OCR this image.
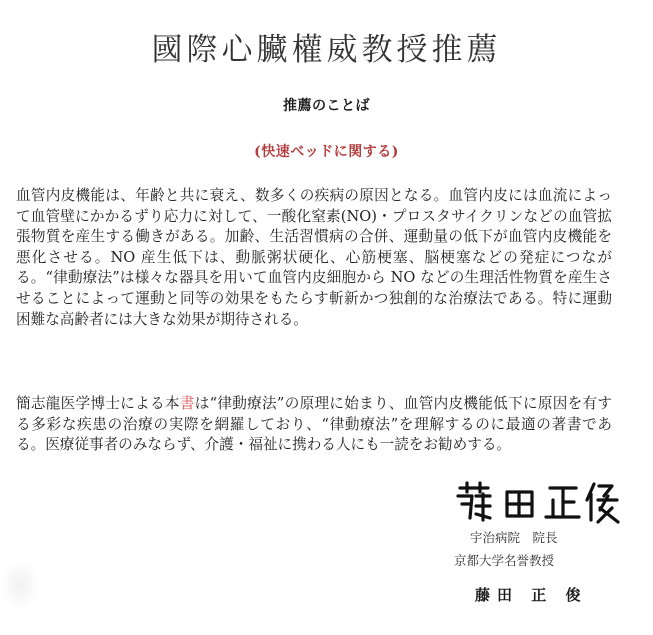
國際心臟權威教授推薦
推薦のことば
(快速ベッドに関する)

血管内皮機能は、年齢と共に衰え、数多くの疾病の原因となる。血管内皮には血流によって血管壁にかかるずり応力に対して、一酸化窒素(NO)・プロスタサイクリンなどの血管拡張物質を産生する働きがある。加齢、生活習慣病の合併、運動量の低下が血管内皮機能を悪化させる。NO 産生低下は、動脈粥状硬化、心筋梗塞、脳梗塞などの発症につながる。“律動療法”は様々な器具を用いて血管内皮細胞から NO などの生理活性物質を産生させることによって運動と同等の効果をもたらす斬新かつ独創的な治療法である。特に運動困難な高齢者には大きな効果が期待される。

簡志龍医学博士による本書は“律動療法”の原理に始まり、血管内皮機能低下に原因を有する多彩な疾患の治療の実際を網羅しており、“律動療法”を理解するのに最適の著書である。医療従事者のみならず、介護・福祉に携わる人にも一読をお勧めする。

宇治病院　院長
京都大学名誉教授
藤田 正 俊
